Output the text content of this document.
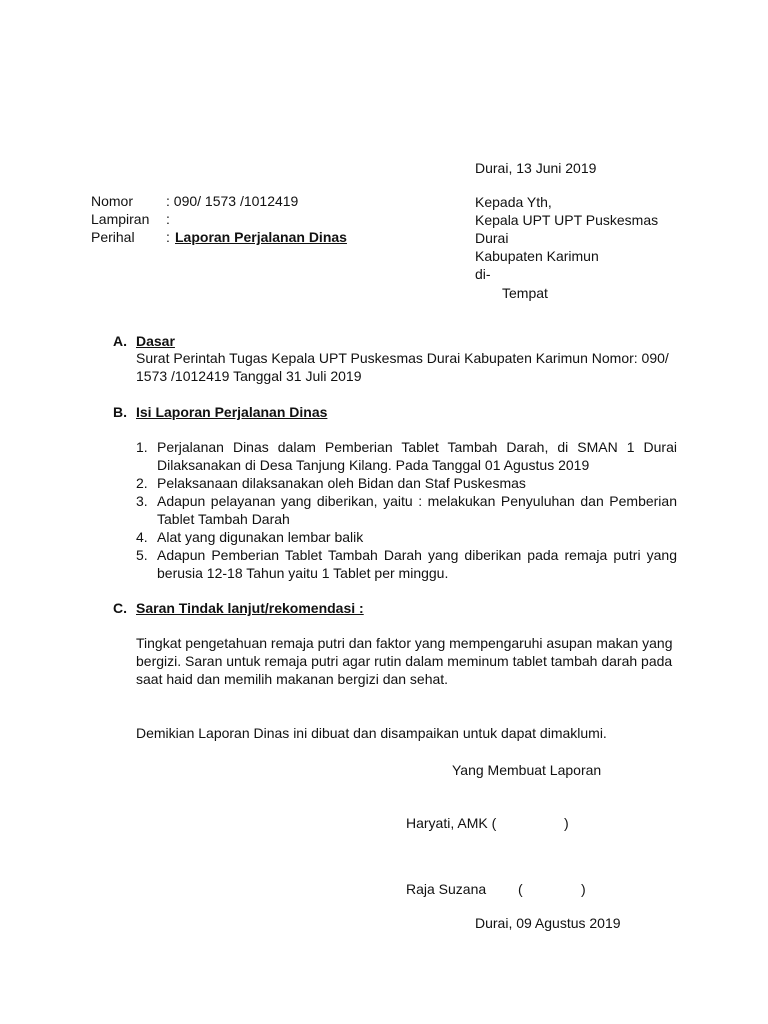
Durai, 13 Juni 2019
Nomor : 090/ 1573 /1012419
Lampiran :
Perihal : Laporan Perjalanan Dinas
Kepada Yth,
Kepala UPT UPT Puskesmas
Durai
Kabupaten Karimun
di-
Tempat
A. Dasar
Surat Perintah Tugas Kepala UPT Puskesmas Durai Kabupaten Karimun Nomor: 090/ 1573 /1012419 Tanggal 31 Juli 2019
B. Isi Laporan Perjalanan Dinas
1. Perjalanan Dinas dalam Pemberian Tablet Tambah Darah, di SMAN 1 Durai Dilaksanakan di Desa Tanjung Kilang. Pada Tanggal 01 Agustus 2019
2. Pelaksanaan dilaksanakan oleh Bidan dan Staf Puskesmas
3. Adapun pelayanan yang diberikan, yaitu : melakukan Penyuluhan dan Pemberian Tablet Tambah Darah
4. Alat yang digunakan lembar balik
5. Adapun Pemberian Tablet Tambah Darah yang diberikan pada remaja putri yang berusia 12-18 Tahun yaitu 1 Tablet per minggu.
C. Saran Tindak lanjut/rekomendasi :
Tingkat pengetahuan remaja putri dan faktor yang mempengaruhi asupan makan yang bergizi. Saran untuk remaja putri agar rutin dalam meminum tablet tambah darah pada saat haid dan memilih makanan bergizi dan sehat.
Demikian Laporan Dinas ini dibuat dan disampaikan untuk dapat dimaklumi.
Yang Membuat Laporan
Haryati, AMK (	)
Raja Suzana (	)
Durai, 09 Agustus 2019
